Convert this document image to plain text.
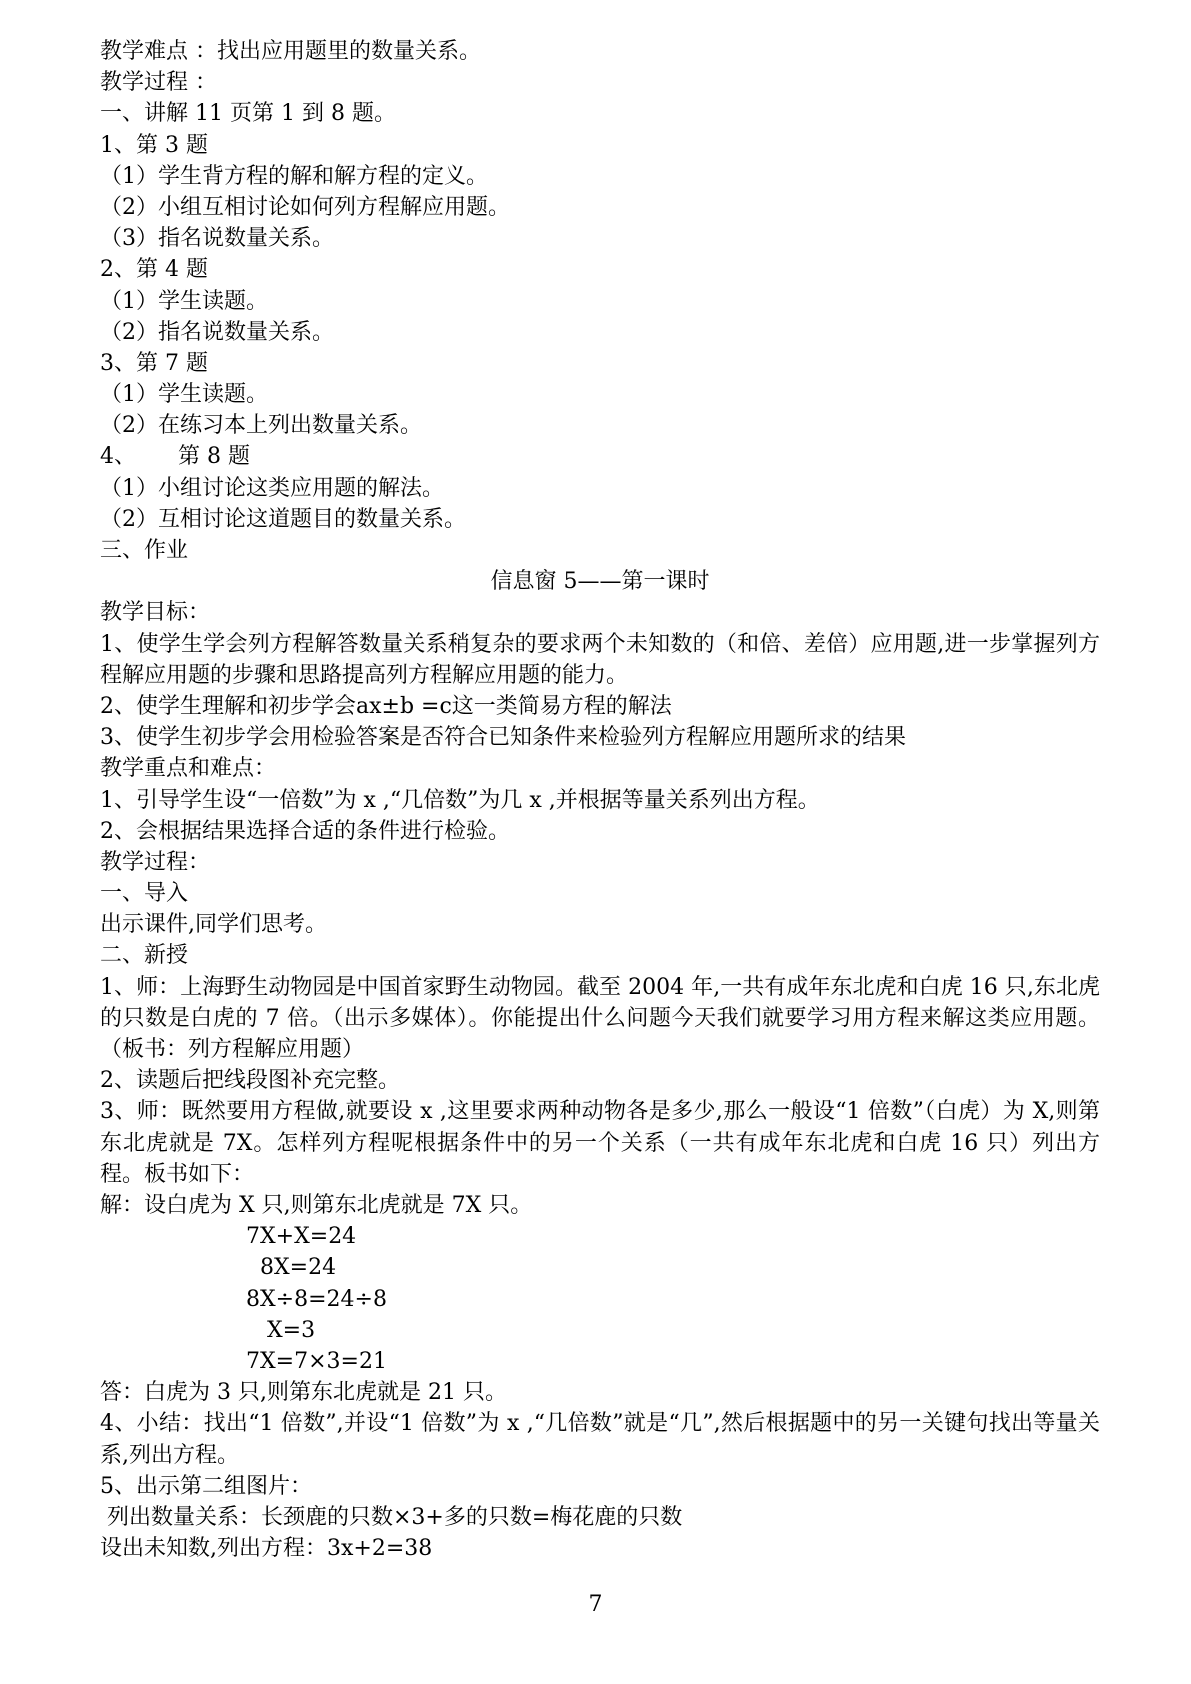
教学难点 ：找出应用题里的数量关系。
教学过程 ：
一、讲解 11 页第 1 到 8 题。
1、第 3 题
（1）学生背方程的解和解方程的定义。
（2）小组互相讨论如何列方程解应用题。
（3）指名说数量关系。
2、第 4 题
（1）学生读题。
（2）指名说数量关系。
3、第 7 题
（1）学生读题。
（2）在练习本上列出数量关系。
4、      第 8 题
（1）小组讨论这类应用题的解法。
（2）互相讨论这道题目的数量关系。
三、作业
信息窗 5——第一课时
教学目标：
1、使学生学会列方程解答数量关系稍复杂的要求两个未知数的（和倍、差倍）应用题,进一步掌握列方程解应用题的步骤和思路提高列方程解应用题的能力。
2、使学生理解和初步学会ax±b =c这一类简易方程的解法
3、使学生初步学会用检验答案是否符合已知条件来检验列方程解应用题所求的结果
教学重点和难点：
1、引导学生设“一倍数”为 x ,“几倍数”为几 x ,并根据等量关系列出方程。
2、会根据结果选择合适的条件进行检验。
教学过程：
一、导入
出示课件,同学们思考。
二、新授
1、师：上海野生动物园是中国首家野生动物园。截至 2004 年,一共有成年东北虎和白虎 16 只,东北虎的只数是白虎的 7 倍。（出示多媒体）。你能提出什么问题今天我们就要学习用方程来解这类应用题。（板书：列方程解应用题）
2、读题后把线段图补充完整。
3、师：既然要用方程做,就要设 x ,这里要求两种动物各是多少,那么一般设“1 倍数”（白虎）为 X,则第东北虎就是 7X。怎样列方程呢根据条件中的另一个关系（一共有成年东北虎和白虎 16 只）列出方程。板书如下：
解：设白虎为 X 只,则第东北虎就是 7X 只。
7X+X=24
8X=24
8X÷8=24÷8
X=3
7X=7×3=21
答：白虎为 3 只,则第东北虎就是 21 只。
4、小结：找出“1 倍数”,并设“1 倍数”为 x ,“几倍数”就是“几”,然后根据题中的另一关键句找出等量关系,列出方程。
5、出示第二组图片：
列出数量关系：长颈鹿的只数×3+多的只数=梅花鹿的只数
设出未知数,列出方程：3x+2=38
7
